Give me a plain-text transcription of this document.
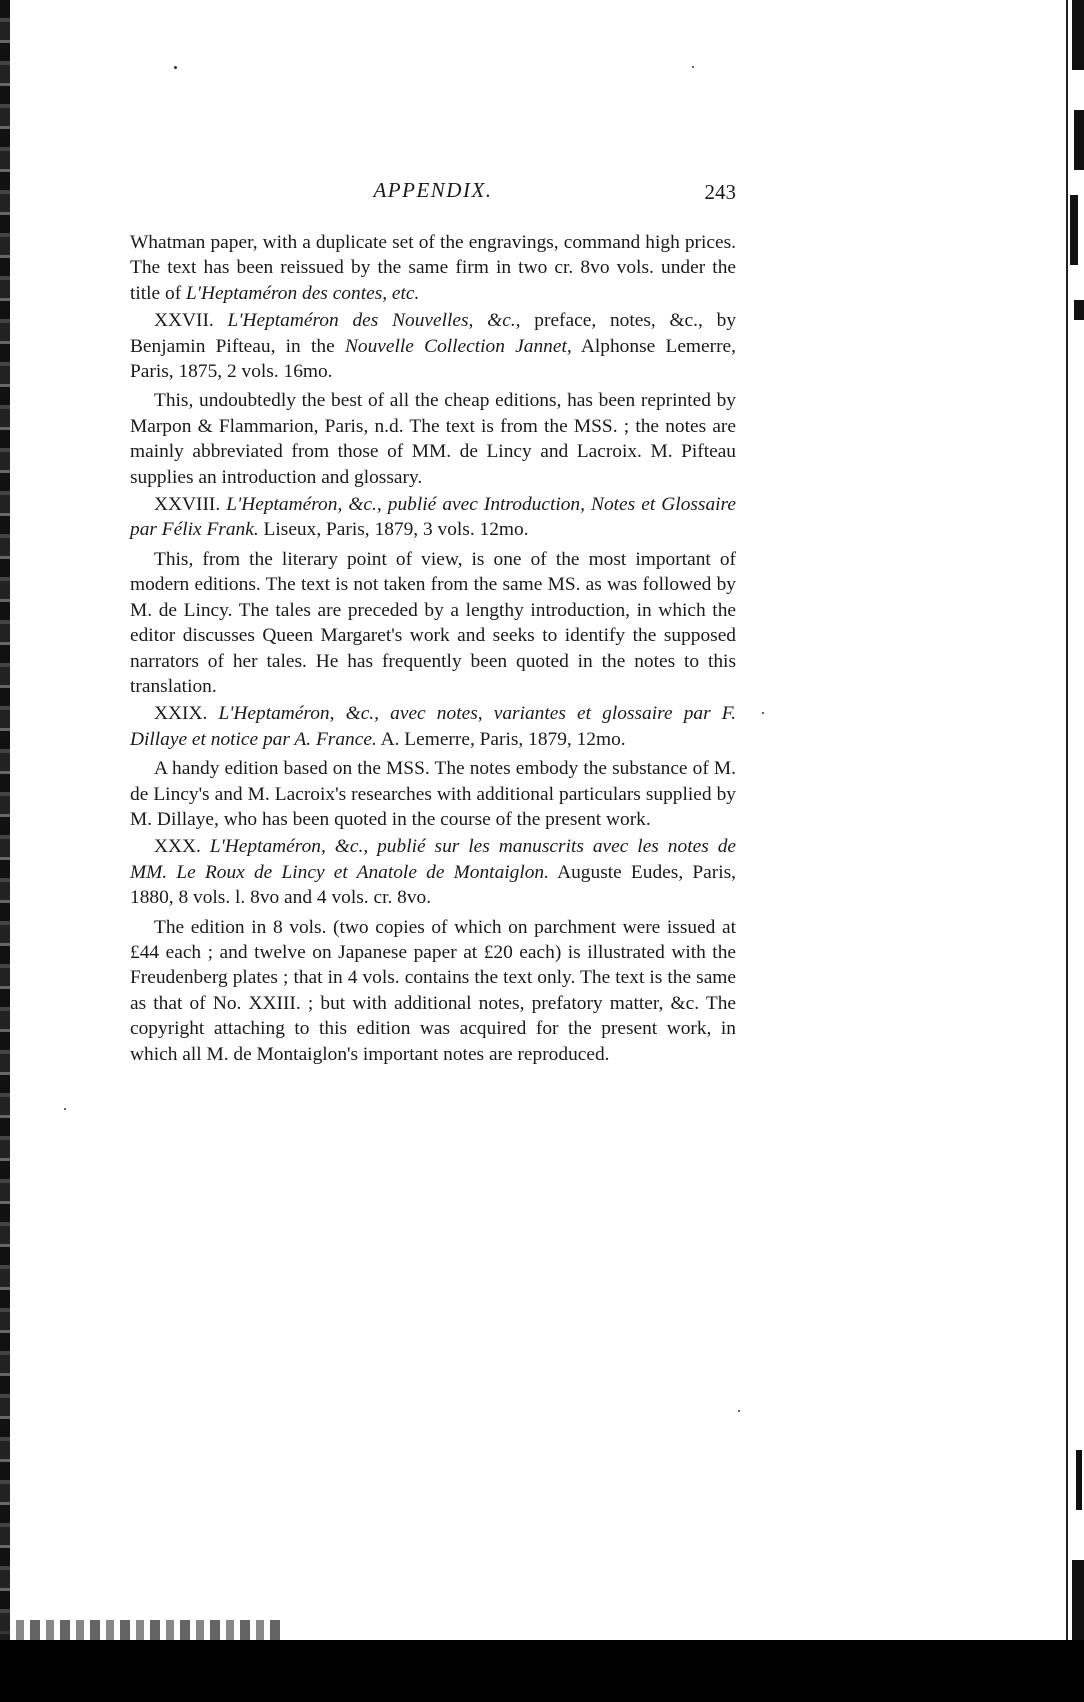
APPENDIX.	243

Whatman paper, with a duplicate set of the engravings, command high prices. The text has been reissued by the same firm in two cr. 8vo vols. under the title of L'Heptaméron des contes, etc.

XXVII. L'Heptaméron des Nouvelles, &c., preface, notes, &c., by Benjamin Pifteau, in the Nouvelle Collection Jannet, Alphonse Lemerre, Paris, 1875, 2 vols. 16mo.

This, undoubtedly the best of all the cheap editions, has been reprinted by Marpon & Flammarion, Paris, n.d. The text is from the MSS. ; the notes are mainly abbreviated from those of MM. de Lincy and Lacroix. M. Pifteau supplies an introduction and glossary.

XXVIII. L'Heptaméron, &c., publié avec Introduction, Notes et Glossaire par Félix Frank. Liseux, Paris, 1879, 3 vols. 12mo.

This, from the literary point of view, is one of the most important of modern editions. The text is not taken from the same MS. as was followed by M. de Lincy. The tales are preceded by a lengthy introduction, in which the editor discusses Queen Margaret's work and seeks to identify the supposed narrators of her tales. He has frequently been quoted in the notes to this translation.

XXIX. L'Heptaméron, &c., avec notes, variantes et glossaire par F. Dillaye et notice par A. France. A. Lemerre, Paris, 1879, 12mo.

A handy edition based on the MSS. The notes embody the substance of M. de Lincy's and M. Lacroix's researches with additional particulars supplied by M. Dillaye, who has been quoted in the course of the present work.

XXX. L'Heptaméron, &c., publié sur les manuscrits avec les notes de MM. Le Roux de Lincy et Anatole de Montaiglon. Auguste Eudes, Paris, 1880, 8 vols. l. 8vo and 4 vols. cr. 8vo.

The edition in 8 vols. (two copies of which on parchment were issued at £44 each ; and twelve on Japanese paper at £20 each) is illustrated with the Freudenberg plates ; that in 4 vols. contains the text only. The text is the same as that of No. XXIII. ; but with additional notes, prefatory matter, &c. The copyright attaching to this edition was acquired for the present work, in which all M. de Montaiglon's important notes are reproduced.
